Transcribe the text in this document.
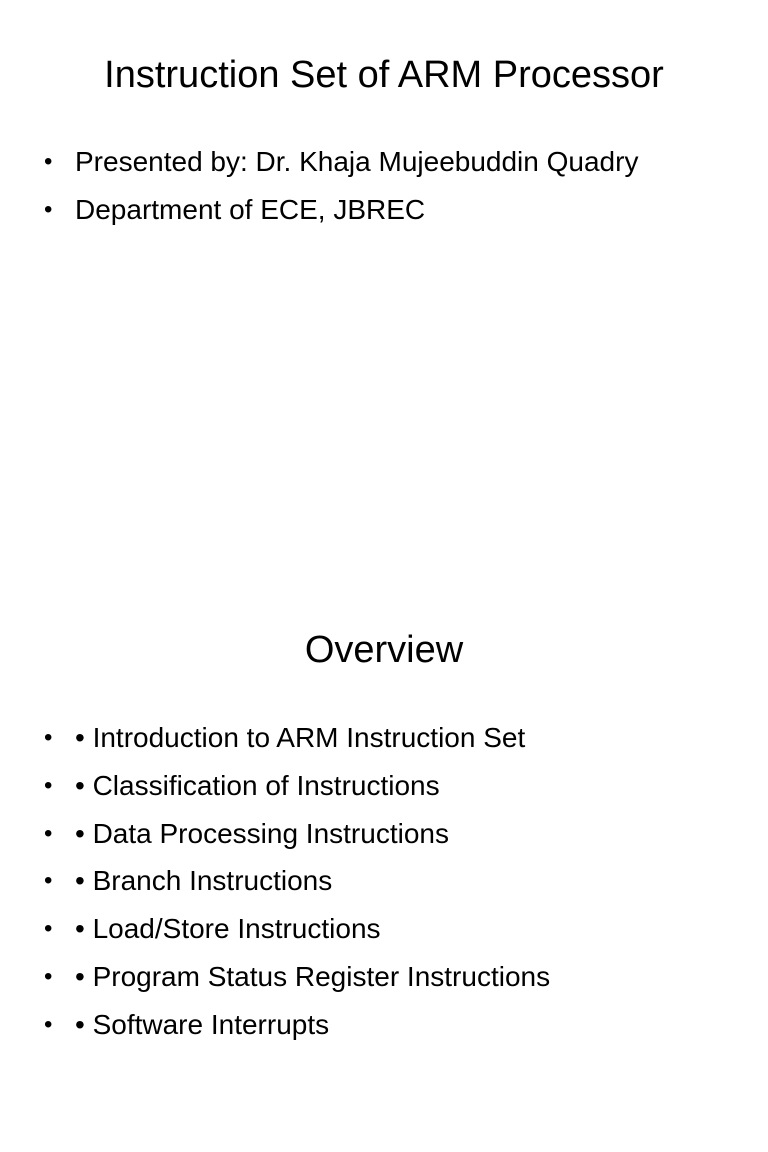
Instruction Set of ARM Processor
• Presented by: Dr. Khaja Mujeebuddin Quadry
• Department of ECE, JBREC
Overview
• • Introduction to ARM Instruction Set
• • Classification of Instructions
• • Data Processing Instructions
• • Branch Instructions
• • Load/Store Instructions
• • Program Status Register Instructions
• • Software Interrupts
